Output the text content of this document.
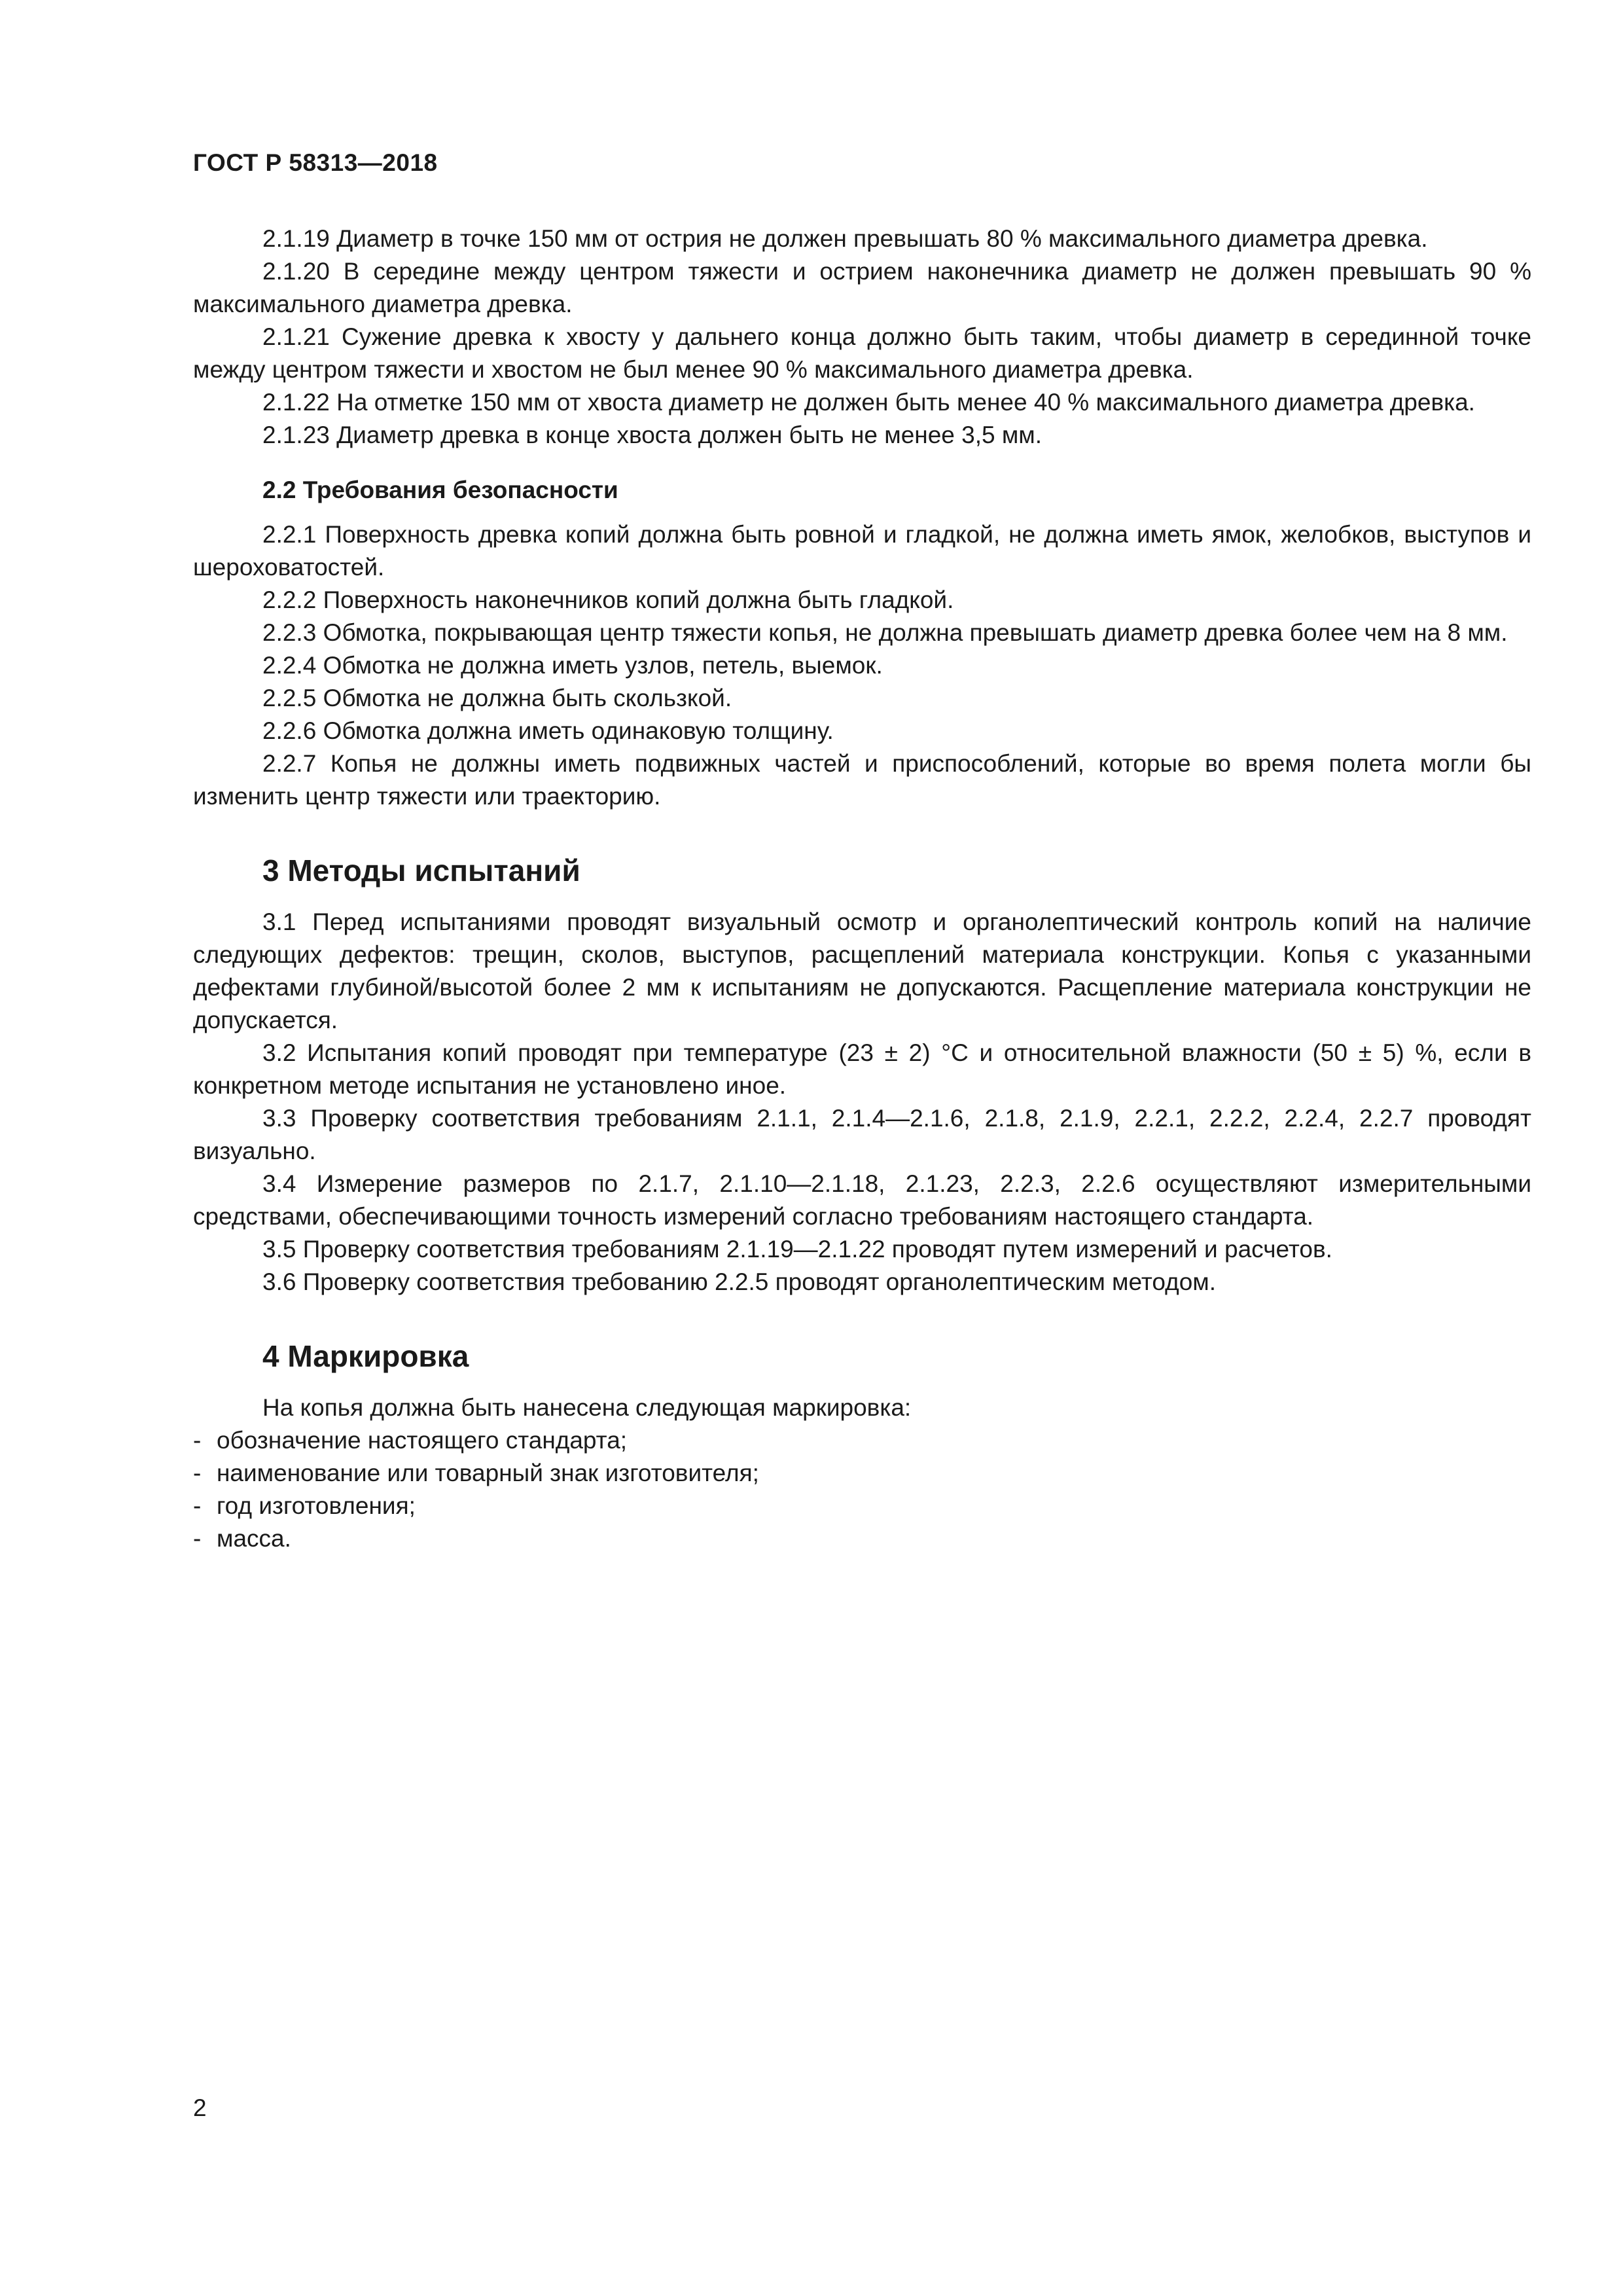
ГОСТ Р 58313—2018

2.1.19 Диаметр в точке 150 мм от острия не должен превышать 80 % максимального диаметра древка.

2.1.20 В середине между центром тяжести и острием наконечника диаметр не должен превышать 90 % максимального диаметра древка.

2.1.21 Сужение древка к хвосту у дальнего конца должно быть таким, чтобы диаметр в серединной точке между центром тяжести и хвостом не был менее 90 % максимального диаметра древка.

2.1.22 На отметке 150 мм от хвоста диаметр не должен быть менее 40 % максимального диаметра древка.

2.1.23 Диаметр древка в конце хвоста должен быть не менее 3,5 мм.

2.2 Требования безопасности

2.2.1 Поверхность древка копий должна быть ровной и гладкой, не должна иметь ямок, желобков, выступов и шероховатостей.

2.2.2 Поверхность наконечников копий должна быть гладкой.

2.2.3 Обмотка, покрывающая центр тяжести копья, не должна превышать диаметр древка более чем на 8 мм.

2.2.4 Обмотка не должна иметь узлов, петель, выемок.

2.2.5 Обмотка не должна быть скользкой.

2.2.6 Обмотка должна иметь одинаковую толщину.

2.2.7 Копья не должны иметь подвижных частей и приспособлений, которые во время полета могли бы изменить центр тяжести или траекторию.

3 Методы испытаний

3.1 Перед испытаниями проводят визуальный осмотр и органолептический контроль копий на наличие следующих дефектов: трещин, сколов, выступов, расщеплений материала конструкции. Копья с указанными дефектами глубиной/высотой более 2 мм к испытаниям не допускаются. Расщепление материала конструкции не допускается.

3.2 Испытания копий проводят при температуре (23 ± 2) °С и относительной влажности (50 ± 5) %, если в конкретном методе испытания не установлено иное.

3.3 Проверку соответствия требованиям 2.1.1, 2.1.4—2.1.6, 2.1.8, 2.1.9, 2.2.1, 2.2.2, 2.2.4, 2.2.7 проводят визуально.

3.4 Измерение размеров по 2.1.7, 2.1.10—2.1.18, 2.1.23, 2.2.3, 2.2.6 осуществляют измерительными средствами, обеспечивающими точность измерений согласно требованиям настоящего стандарта.

3.5 Проверку соответствия требованиям 2.1.19—2.1.22 проводят путем измерений и расчетов.

3.6 Проверку соответствия требованию 2.2.5 проводят органолептическим методом.

4 Маркировка

На копья должна быть нанесена следующая маркировка:

- обозначение настоящего стандарта;
- наименование или товарный знак изготовителя;
- год изготовления;
- масса.
2
